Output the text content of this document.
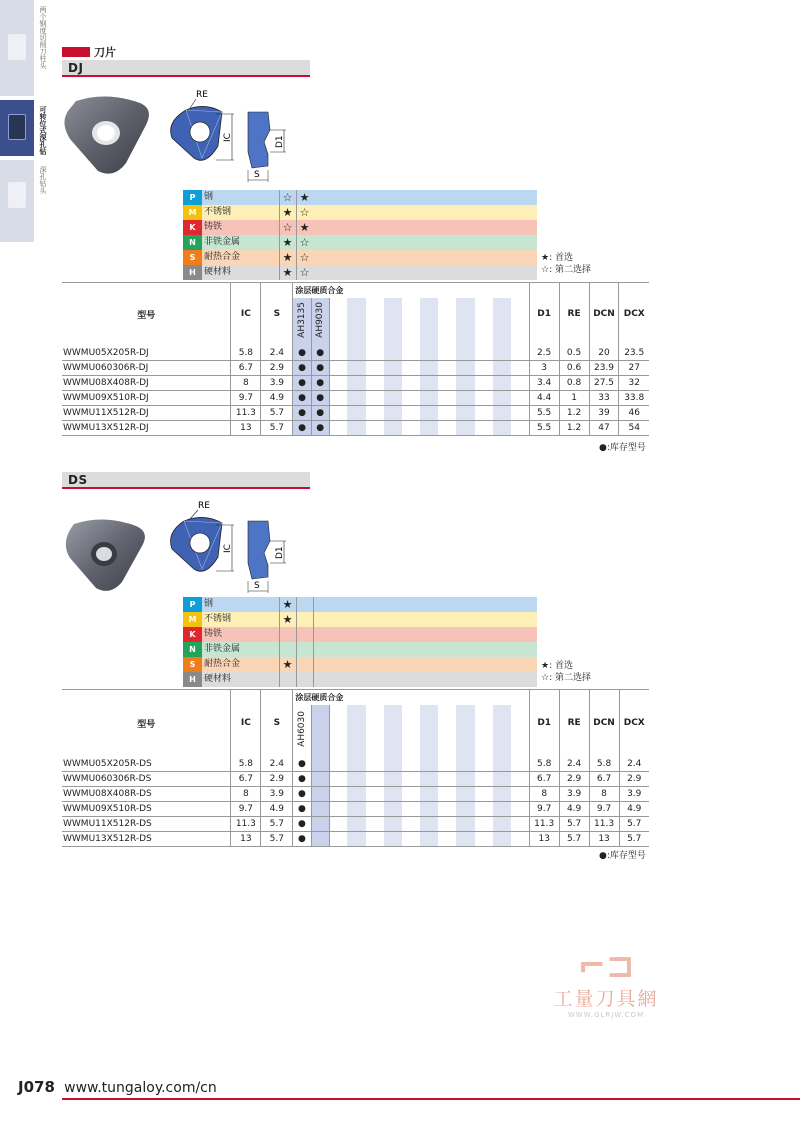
两个钢度切削刀柱头
可转位式深孔钻
深孔钻头
刀片
DJ
RE
IC	D1
S
P 钢	☆ ★
M 不锈钢	★ ☆
K 铸铁	☆ ★
N 非铁金属	★ ☆
S 耐热合金	★ ☆
H 硬材料	★ ☆
★: 首选
☆: 第二选择
型号	IC	S	涂层硬质合金													D1	RE	DCN	DCX
			AH3135	AH9030															
WWMU05X205R-DJ	5.8	2.4	●	●												2.5	0.5	20	23.5
WWMU060306R-DJ	6.7	2.9	●	●												3	0.6	23.9	27
WWMU08X408R-DJ	8	3.9	●	●												3.4	0.8	27.5	32
WWMU09X510R-DJ	9.7	4.9	●	●												4.4	1	33	33.8
WWMU11X512R-DJ	11.3	5.7	●	●												5.5	1.2	39	46
WWMU13X512R-DJ	13	5.7	●	●												5.5	1.2	47	54
●:库存型号
DS
RE
IC	D1
S
P 钢	★
M 不锈钢	★
K 铸铁
N 非铁金属
S 耐热合金	★
H 硬材料
★: 首选
☆: 第二选择
型号	IC	S	涂层硬质合金													D1	RE	DCN	DCX
			AH6030																
WWMU05X205R-DS	5.8	2.4	●													5.8	2.4	5.8	2.4
WWMU060306R-DS	6.7	2.9	●													6.7	2.9	6.7	2.9
WWMU08X408R-DS	8	3.9	●													8	3.9	8	3.9
WWMU09X510R-DS	9.7	4.9	●													9.7	4.9	9.7	4.9
WWMU11X512R-DS	11.3	5.7	●													11.3	5.7	11.3	5.7
WWMU13X512R-DS	13	5.7	●													13	5.7	13	5.7
●:库存型号
⌐⊐
工量刀具網
WWW.GLRJW.COM
J078 www.tungaloy.com/cn
